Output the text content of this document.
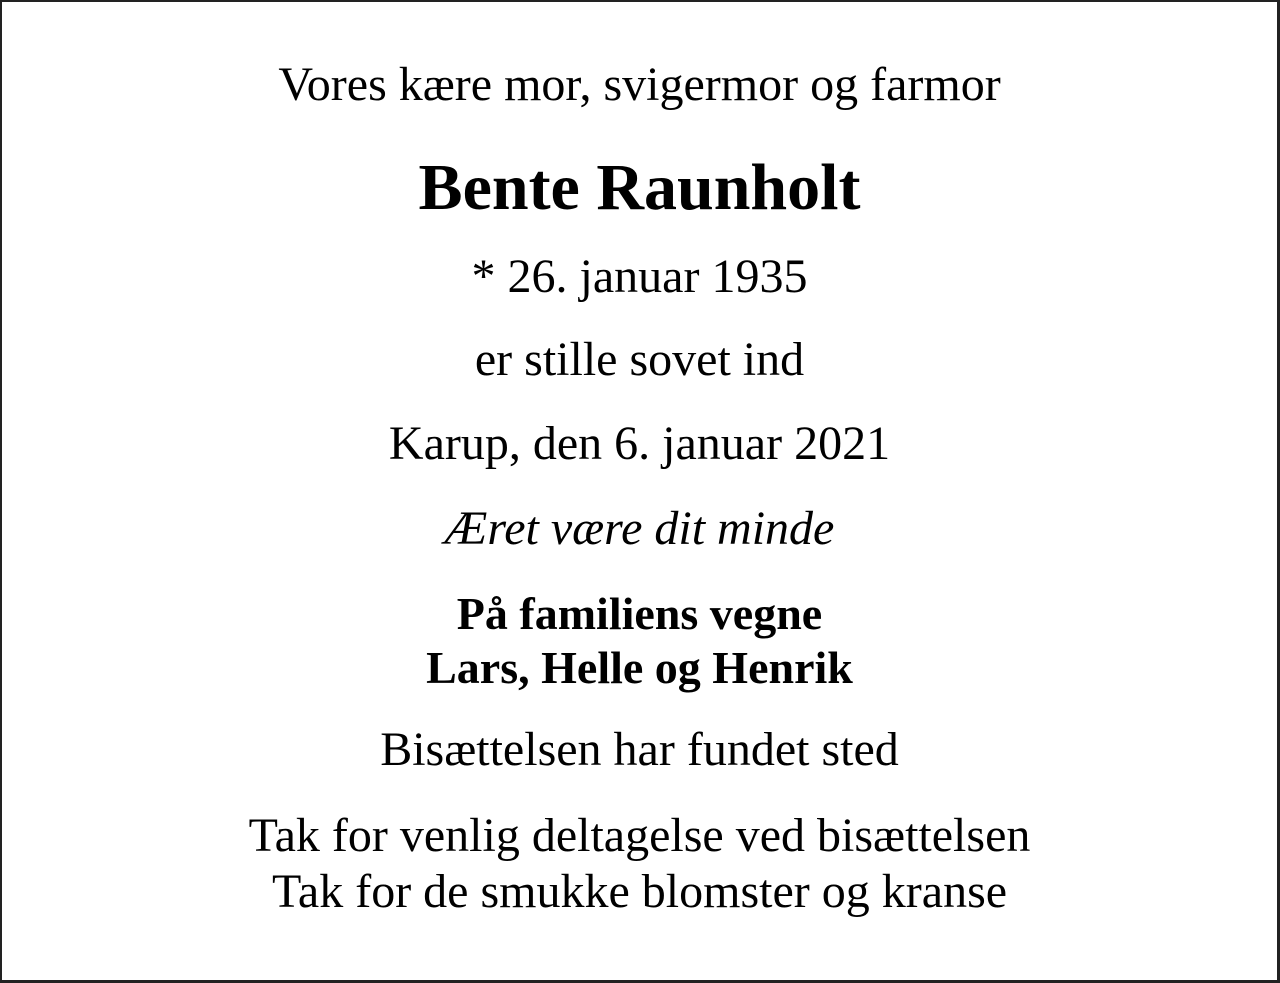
Vores kære mor, svigermor og farmor
Bente Raunholt
* 26. januar 1935
er stille sovet ind
Karup, den 6. januar 2021
Æret være dit minde
På familiens vegne
Lars, Helle og Henrik
Bisættelsen har fundet sted
Tak for venlig deltagelse ved bisættelsen
Tak for de smukke blomster og kranse
